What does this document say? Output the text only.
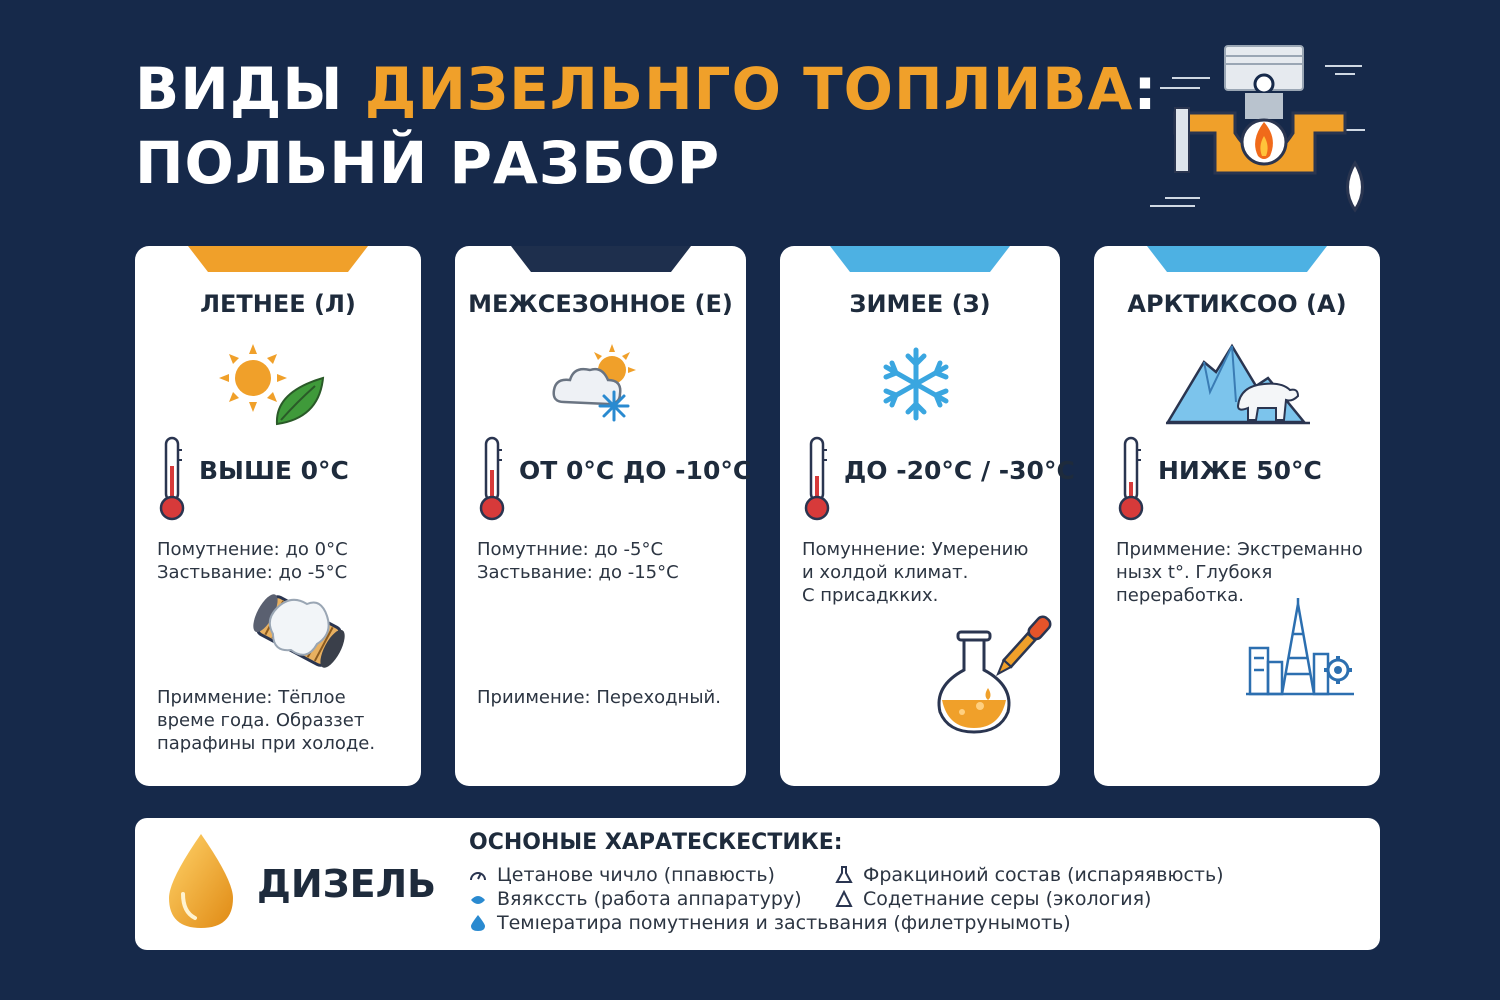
ВИДЫ ДИЗЕЛЬНГО ТОПЛИВА:
ПОЛЬНЙ РАЗБОР
ЛЕТНЕЕ (Л)
ВЫШЕ 0°C
Помутнение: до 0°C
Застьвание: до -5°C
Приммение: Тёплое
време года. Образзет
парафины при холоде.
МЕЖСЕЗОННОЕ (Е)
ОТ 0°C ДО -10°C
Помутнние: до -5°C
Застьвание: до -15°C
Приимение: Переходный.
ЗИМЕЕ (З)
ДО -20°C / -30°C
Помуннение: Умерению
и холдой климат.
С присадкких.
АРКТИКСОО (А)
НИЖЕ 50°C
Приммение: Экстреманно
нызх t°. Глубокя
переработка.
ДИЗЕЛЬ
ОСНОНЫЕ ХАРАТЕСКЕСТИКЕ:
Цетанове чичло (ппавюсть)
Вяякссть (работа аппаратуру)
Темıератира помутнения и застьвания (филетрунымоть)
Фракциноий состав (испаряявюсть)
Содетнание серы (экология)
